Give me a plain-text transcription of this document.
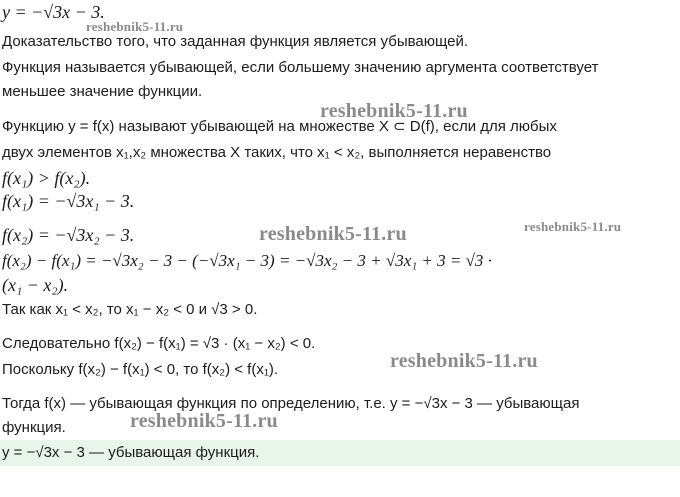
y = −√3x − 3.
reshebnik5-11.ru
Доказательство того, что заданная функция является убывающей.
Функция называется убывающей, если большему значению аргумента соответствует
меньшее значение функции.
reshebnik5-11.ru
Функцию y = f(x) называют убывающей на множестве X ⊂ D(f), если для любых
двух элементов x₁,x₂ множества X таких, что x₁ < x₂, выполняется неравенство
f(x₁) > f(x₂).
f(x₁) = −√3x₁ − 3.
reshebnik5-11.ru
f(x₂) = −√3x₂ − 3.	reshebnik5-11.ru
f(x₂) − f(x₁) = −√3x₂ − 3 − (−√3x₁ − 3) = −√3x₂ − 3 + √3x₁ + 3 = √3 ·
(x₁ − x₂).
Так как x₁ < x₂, то x₁ − x₂ < 0 и √3 > 0.
Следовательно f(x₂) − f(x₁) = √3 · (x₁ − x₂) < 0.
reshebnik5-11.ru
Поскольку f(x₂) − f(x₁) < 0, то f(x₂) < f(x₁).
Тогда f(x) — убывающая функция по определению, т.е. y = −√3x − 3 — убывающая
reshebnik5-11.ru
функция.
y = −√3x − 3 — убывающая функция.
